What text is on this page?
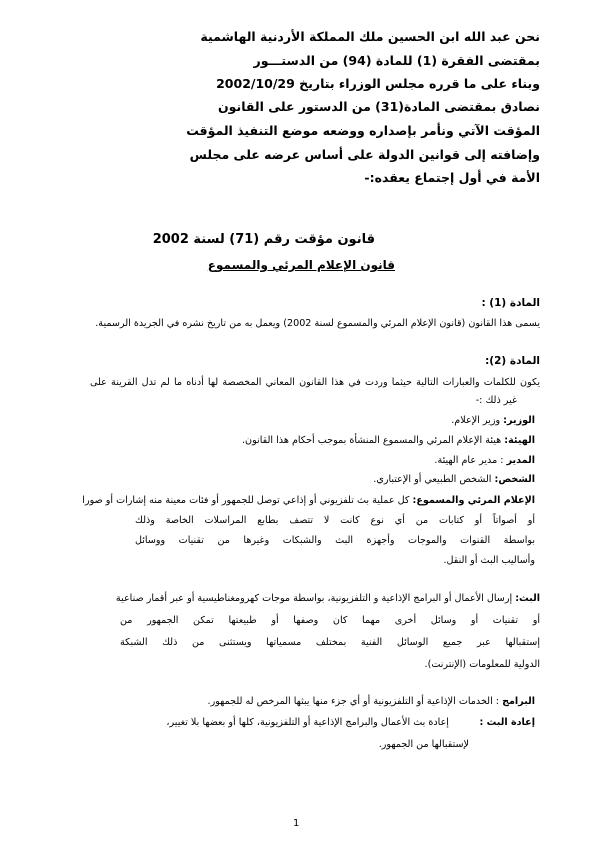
نحن عبد الله ابن الحسين ملك المملكة الأردنية الهاشمية
بمقتضى الفقرة (1) للمادة (94) من الدستـــور
وبناء على ما قرره مجلس الوزراء بتاريخ 2002/10/29
نصادق بمقتضى المادة(31) من الدستور على القانون
المؤقت الآتي ونأمر بإصداره ووضعه موضع التنفيذ المؤقت
وإضافته إلى قوانين الدولة على أساس عرضه على مجلس
الأمة في أول إجتماع يعقده:-
قانون مؤقت رقم (71) لسنة 2002
قانون الإعلام المرئي والمسموع
المادة (1) :
يسمى هذا القانون (قانون الإعلام المرئي والمسموع لسنة 2002) ويعمل به من تاريخ نشره في الجريدة الرسمية.
المادة (2):
يكون للكلمات والعبارات التالية حيثما وردت في هذا القانون المعاني المخصصة لها أدناه ما لم تدل القرينة على
غير ذلك :-
الوزير: وزير الإعلام.
الهيئة: هيئة الإعلام المرئي والمسموع المنشأة بموجب أحكام هذا القانون.
المدير : مدير عام الهيئة.
الشخص: الشخص الطبيعي أو الإعتباري.
الإعلام المرئي والمسموع: كل عملية بث تلفزيوني أو إذاعي توصل للجمهور أو فئات معينة منه إشارات أو صورا
أو أصواتاً أو كتابات من أي نوع كانت لا تتصف بطابع المراسلات الخاصة وذلك
بواسطة القنوات والموجات وأجهزة البث والشبكات وغيرها من تقنيات ووسائل
وأساليب البث أو النقل.
البث: إرسال الأعمال أو البرامج الإذاعية و التلفزيونية، بواسطة موجات كهرومغناطيسية أو عبر أقمار صناعية
أو تقنيات أو وسائل أخرى مهما كان وصفها أو طبيعتها تمكن الجمهور من
إستقبالها عبر جميع الوسائل الفنية بمختلف مسمياتها ويستثنى من ذلك الشبكة
الدولية للمعلومات (الإنترنت).
البرامج : الخدمات الإذاعية أو التلفزيونية أو أي جزء منها يبثها المرخص له للجمهور.
إعادة البث :          إعادة بث الأعمال والبرامج الإذاعية أو التلفزيونية، كلها أو بعضها بلا تغيير،
لإستقبالها من الجمهور.
1
